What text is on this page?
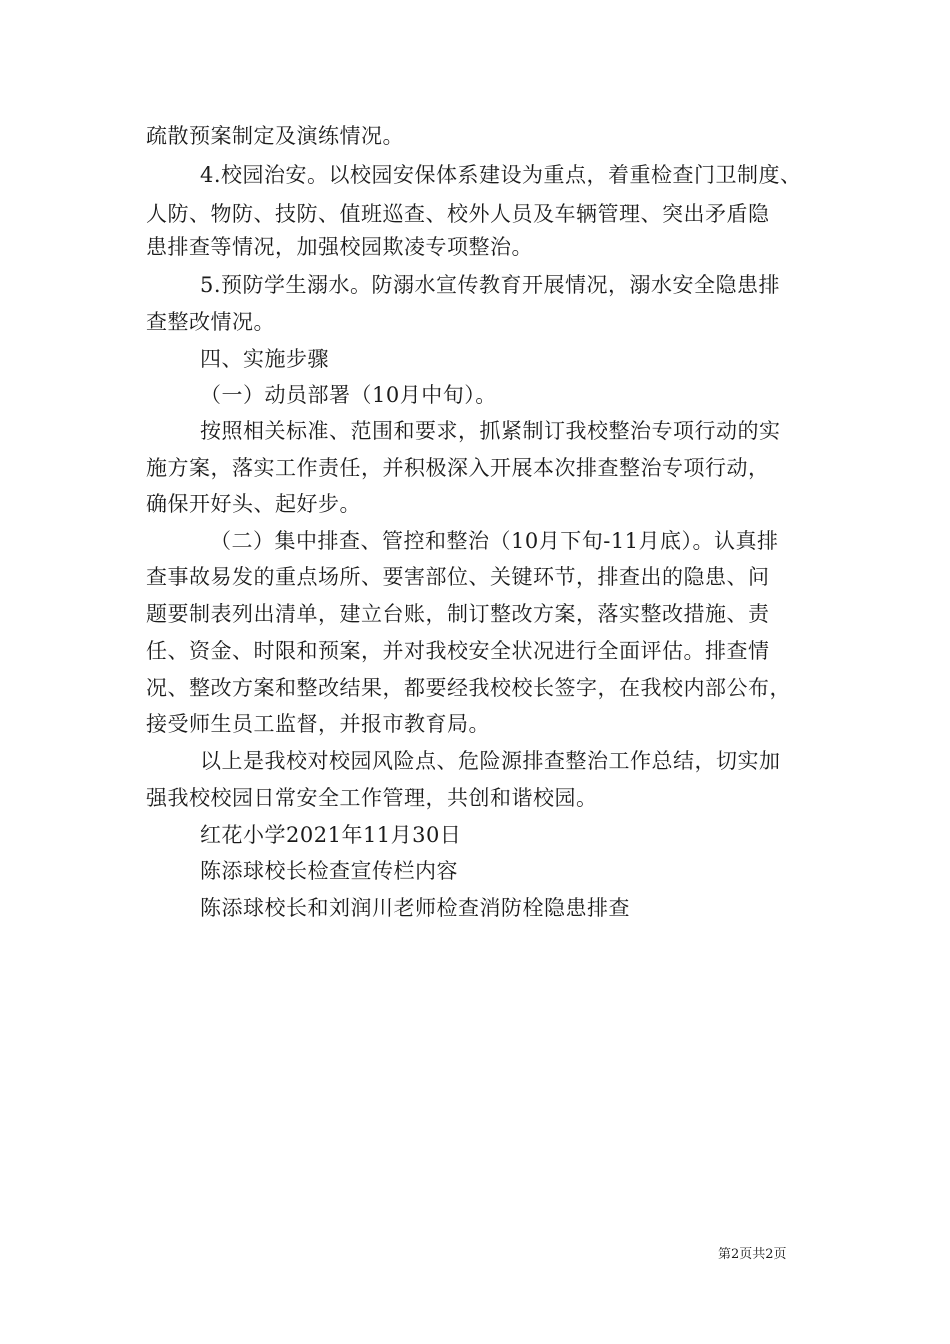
疏散预案制定及演练情况。
4.校园治安。以校园安保体系建设为重点，着重检查门卫制度、
人防、物防、技防、值班巡查、校外人员及车辆管理、突出矛盾隐
患排查等情况，加强校园欺凌专项整治。
5.预防学生溺水。防溺水宣传教育开展情况，溺水安全隐患排
查整改情况。
四、实施步骤
（一）动员部署（10月中旬）。
按照相关标准、范围和要求，抓紧制订我校整治专项行动的实
施方案，落实工作责任，并积极深入开展本次排查整治专项行动，
确保开好头、起好步。
（二）集中排查、管控和整治（10月下旬-11月底）。认真排
查事故易发的重点场所、要害部位、关键环节，排查出的隐患、问
题要制表列出清单，建立台账，制订整改方案，落实整改措施、责
任、资金、时限和预案，并对我校安全状况进行全面评估。排查情
况、整改方案和整改结果，都要经我校校长签字，在我校内部公布，
接受师生员工监督，并报市教育局。
以上是我校对校园风险点、危险源排查整治工作总结，切实加
强我校校园日常安全工作管理，共创和谐校园。
红花小学2021年11月30日
陈添球校长检查宣传栏内容
陈添球校长和刘润川老师检查消防栓隐患排查
第2页共2页
